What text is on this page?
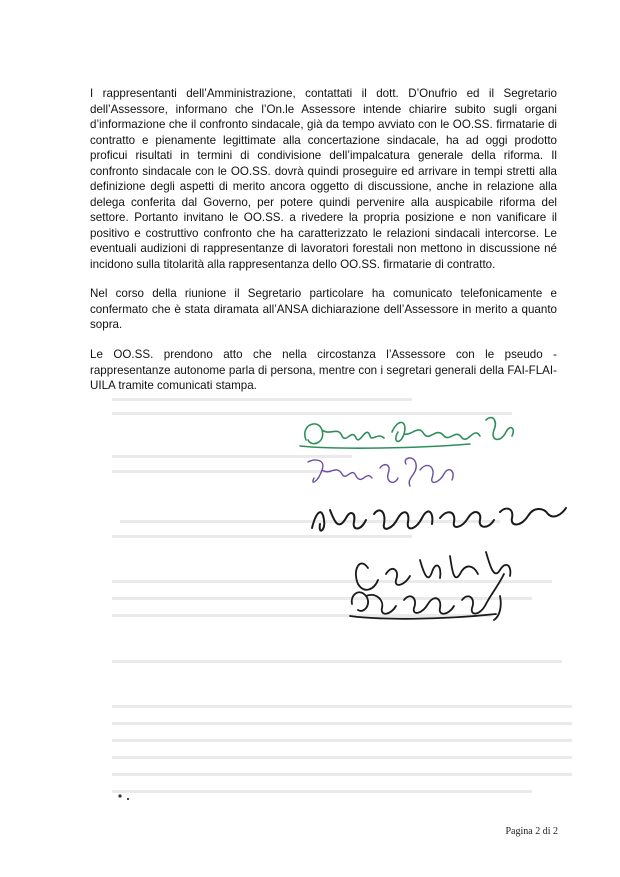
I rappresentanti dell’Amministrazione, contattati il dott. D’Onufrio ed il Segretario dell’Assessore, informano che l’On.le Assessore intende chiarire subito sugli organi d’informazione che il confronto sindacale, già da tempo avviato con le OO.SS. firmatarie di contratto e pienamente legittimate alla concertazione sindacale, ha ad oggi prodotto proficui risultati in termini di condivisione dell’impalcatura generale della riforma. Il confronto sindacale con le OO.SS. dovrà quindi proseguire ed arrivare in tempi stretti alla definizione degli aspetti di merito ancora oggetto di discussione, anche in relazione alla delega conferita dal Governo, per potere quindi pervenire alla auspicabile riforma del settore. Portanto invitano le OO.SS. a rivedere la propria posizione e non vanificare il positivo e costruttivo confronto che ha caratterizzato le relazioni sindacali intercorse. Le eventuali audizioni di rappresentanze di lavoratori forestali non mettono in discussione né incidono sulla titolarità alla rappresentanza dello OO.SS. firmatarie di contratto.

Nel corso della riunione il Segretario particolare ha comunicato telefonicamente e confermato che è stata diramata all’ANSA dichiarazione dell’Assessore in merito a quanto sopra.

Le OO.SS. prendono atto che nella circostanza l’Assessore con le pseudo - rappresentanze autonome parla di persona, mentre con i segretari generali della FAI-FLAI-UILA tramite comunicati stampa.

Pagina 2 di 2
